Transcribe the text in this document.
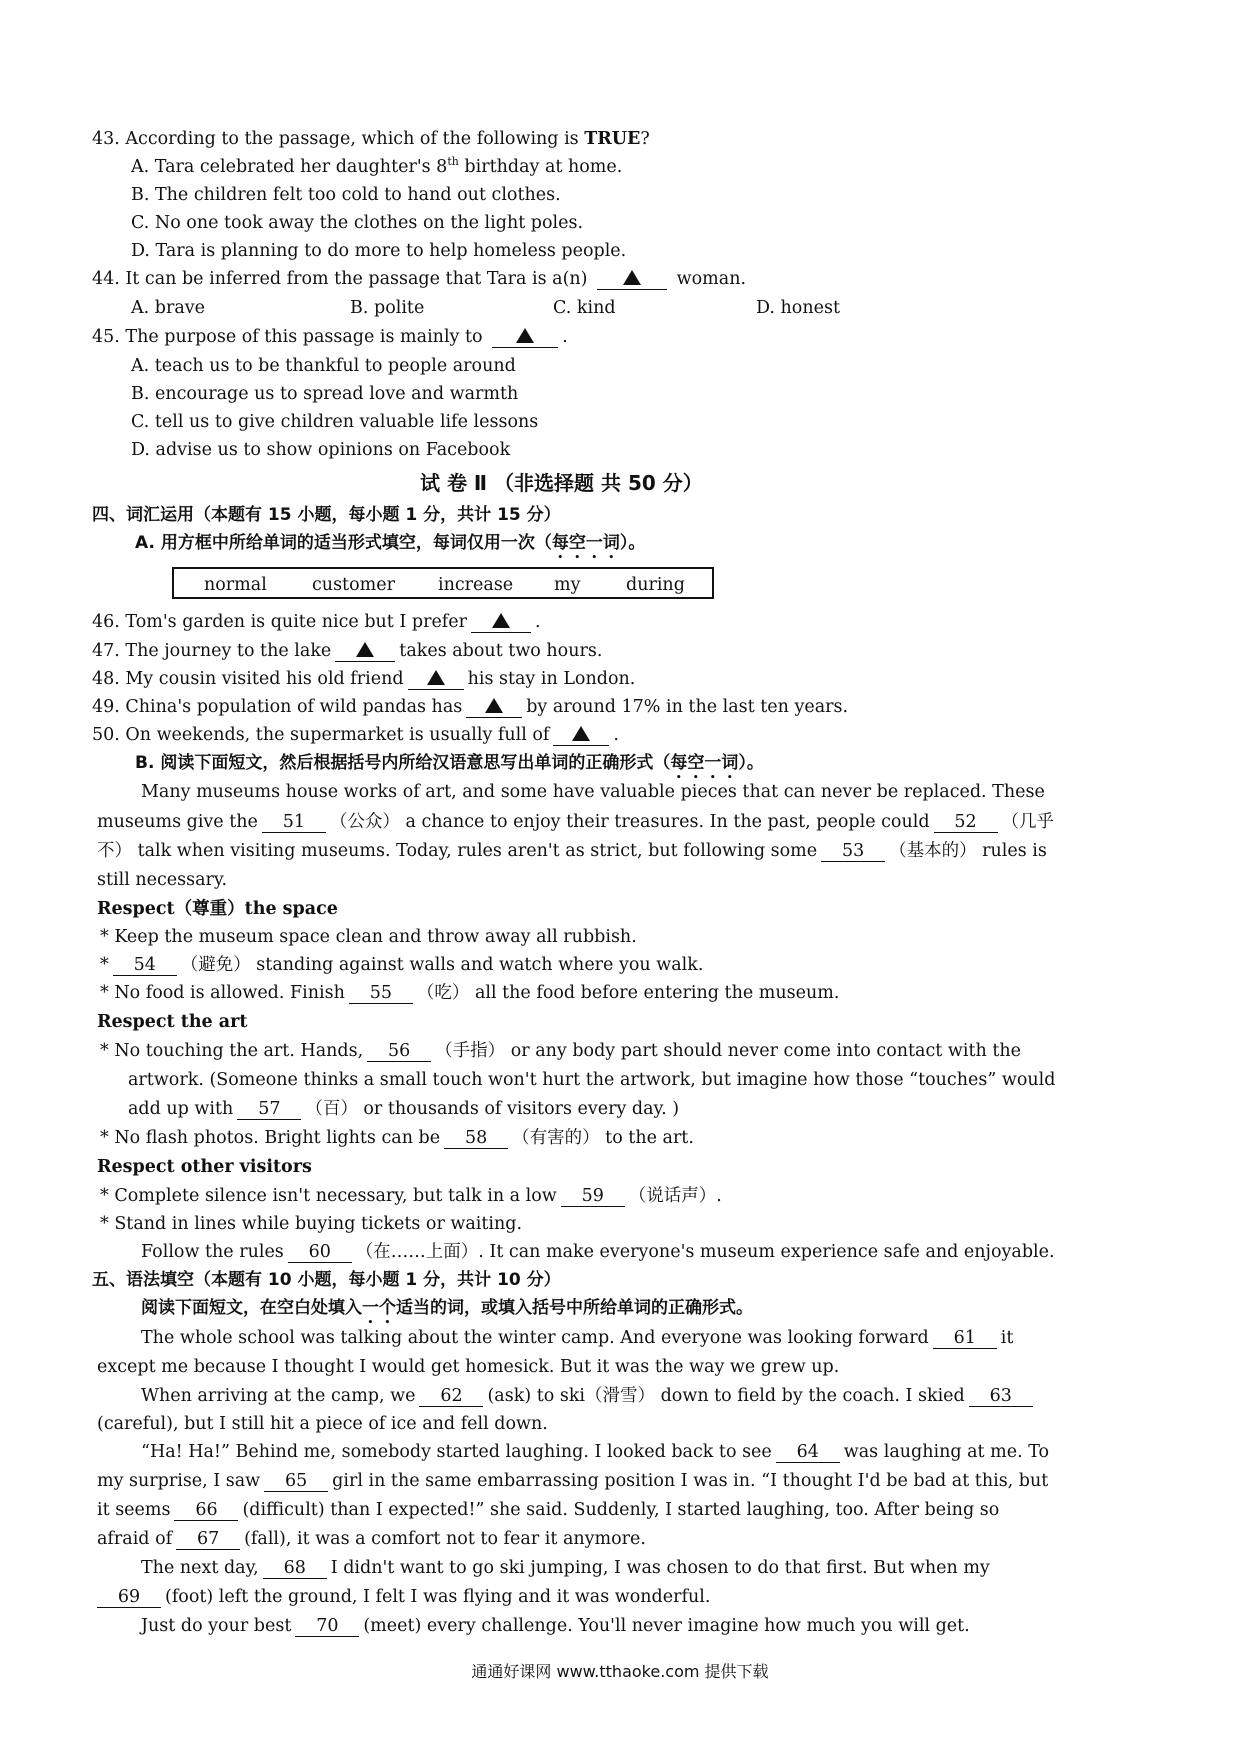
43. According to the passage, which of the following is TRUE?
A. Tara celebrated her daughter's 8th birthday at home.
B. The children felt too cold to hand out clothes.
C. No one took away the clothes on the light poles.
D. Tara is planning to do more to help homeless people.
44. It can be inferred from the passage that Tara is a(n)	woman.
A. brave	B. polite	C. kind	D. honest
45. The purpose of this passage is mainly to	.
A. teach us to be thankful to people around
B. encourage us to spread love and warmth
C. tell us to give children valuable life lessons
D. advise us to show opinions on Facebook
试 卷 Ⅱ （非选择题 共 50 分）
四、词汇运用（本题有 15 小题，每小题 1 分，共计 15 分）
A. 用方框中所给单词的适当形式填空，每词仅用一次（每空一词）。
normal	customer increase my	during
46. Tom's garden is quite nice but I prefer	.
47. The journey to the lake	takes about two hours.
48. My cousin visited his old friend	his stay in London.
49. China's population of wild pandas has	by around 17% in the last ten years.
50. On weekends, the supermarket is usually full of	.
B. 阅读下面短文，然后根据括号内所给汉语意思写出单词的正确形式（每空一词）。
Many museums house works of art, and some have valuable pieces that can never be replaced. These
museums give the 51 （公众） a chance to enjoy their treasures. In the past, people could 52 （几乎
不） talk when visiting museums. Today, rules aren't as strict, but following some 53 （基本的） rules is
still necessary.
Respect（尊重）the space
* Keep the museum space clean and throw away all rubbish.
* 54 （避免） standing against walls and watch where you walk.
* No food is allowed. Finish 55 （吃） all the food before entering the museum.
Respect the art
* No touching the art. Hands, 56 （手指） or any body part should never come into contact with the
artwork. (Someone thinks a small touch won't hurt the artwork, but imagine how those “touches” would
add up with 57 （百） or thousands of visitors every day. )
* No flash photos. Bright lights can be 58 （有害的） to the art.
Respect other visitors
* Complete silence isn't necessary, but talk in a low 59 （说话声）.
* Stand in lines while buying tickets or waiting.
Follow the rules 60 （在……上面）. It can make everyone's museum experience safe and enjoyable.
五、语法填空（本题有 10 小题，每小题 1 分，共计 10 分）
阅读下面短文，在空白处填入一个适当的词，或填入括号中所给单词的正确形式。
The whole school was talking about the winter camp. And everyone was looking forward 61 it
except me because I thought I would get homesick. But it was the way we grew up.
When arriving at the camp, we 62 (ask) to ski（滑雪） down to field by the coach. I skied 63
(careful), but I still hit a piece of ice and fell down.
“Ha! Ha!” Behind me, somebody started laughing. I looked back to see 64 was laughing at me. To
my surprise, I saw 65 girl in the same embarrassing position I was in. “I thought I'd be bad at this, but
it seems 66 (difficult) than I expected!” she said. Suddenly, I started laughing, too. After being so
afraid of 67 (fall), it was a comfort not to fear it anymore.
The next day, 68 I didn't want to go ski jumping, I was chosen to do that first. But when my
69 (foot) left the ground, I felt I was flying and it was wonderful.
Just do your best 70 (meet) every challenge. You'll never imagine how much you will get.
通通好课网 www.tthaoke.com 提供下载
